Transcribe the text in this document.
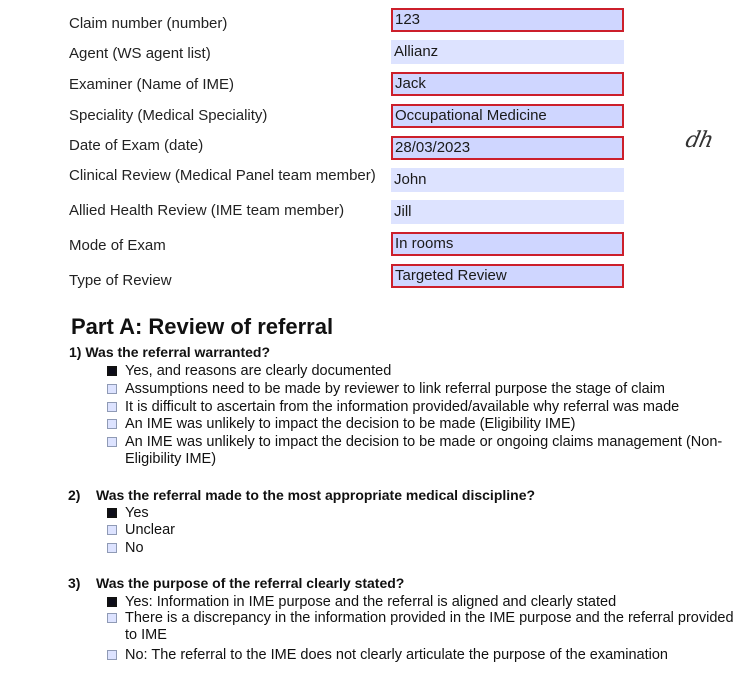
Claim number (number)	123
Agent (WS agent list)	Allianz
Examiner (Name of IME)	Jack
Speciality (Medical Speciality)	Occupational Medicine
Date of Exam (date)	28/03/2023	dh
Clinical Review (Medical Panel team member) John
Allied Health Review (IME team member)	Jill
Mode of Exam	In rooms
Type of Review	Targeted Review
Part A: Review of referral
1) Was the referral warranted?
Yes, and reasons are clearly documented
Assumptions need to be made by reviewer to link referral purpose the stage of claim
It is difficult to ascertain from the information provided/available why referral was made
An IME was unlikely to impact the decision to be made (Eligibility IME)
An IME was unlikely to impact the decision to be made or ongoing claims management (Non-Eligibility IME)
2) Was the referral made to the most appropriate medical discipline?
Yes
Unclear
No
3) Was the purpose of the referral clearly stated?
Yes: Information in IME purpose and the referral is aligned and clearly stated
There is a discrepancy in the information provided in the IME purpose and the referral provided to IME
No: The referral to the IME does not clearly articulate the purpose of the examination
